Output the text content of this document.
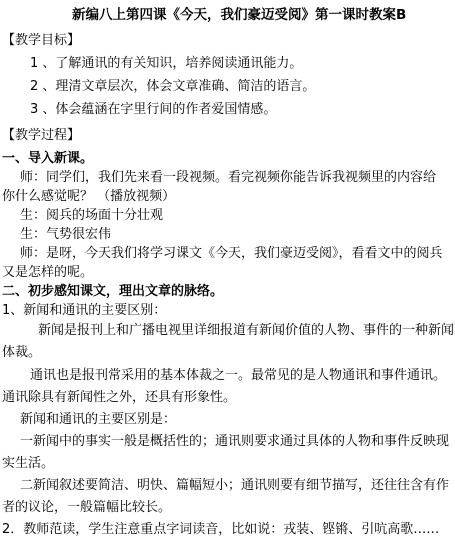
新编八上第四课《今天，我们豪迈受阅》第一课时教案B
【教学目标】
1 、了解通讯的有关知识，培养阅读通讯能力。
2 、理清文章层次，体会文章准确、简洁的语言。
3 、体会蕴涵在字里行间的作者爱国情感。
【教学过程】
一、导入新课。
师：同学们，我们先来看一段视频。看完视频你能告诉我视频里的内容给
你什么感觉呢？ （播放视频）
生：阅兵的场面十分壮观
生：气势很宏伟
师：是呀，今天我们将学习课文《今天，我们豪迈受阅》，看看文中的阅兵
又是怎样的呢。
二、初步感知课文，理出文章的脉络。
1、新闻和通讯的主要区别：
新闻是报刊上和广播电视里详细报道有新闻价值的人物、事件的一种新闻
体裁。
通讯也是报刊常采用的基本体裁之一。最常见的是人物通讯和事件通讯。
通讯除具有新闻性之外，还具有形象性。
新闻和通讯的主要区别是：
一新闻中的事实一般是概括性的；通讯则要求通过具体的人物和事件反映现
实生活。
二新闻叙述要简洁、明快、篇幅短小；通讯则要有细节描写，还往往含有作
者的议论，一般篇幅比较长。
2．教师范读，学生注意重点字词读音，比如说：戎装、铿锵、引吭高歌……
